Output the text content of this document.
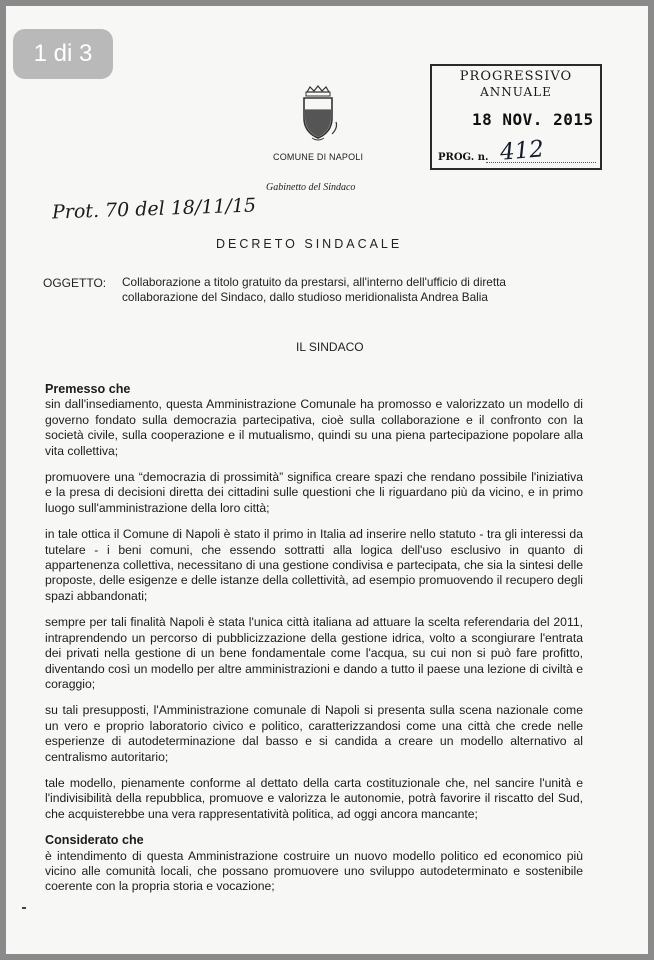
1 di 3
COMUNE DI NAPOLI
Gabinetto del Sindaco
PROGRESSIVO
ANNUALE
18 NOV. 2015
PROG. n. 412
Prot. 70 del 18/11/15
DECRETO SINDACALE
OGGETTO: Collaborazione a titolo gratuito da prestarsi, all'interno dell'ufficio di diretta collaborazione del Sindaco, dallo studioso meridionalista Andrea Balia
IL SINDACO
Premesso che

sin dall'insediamento, questa Amministrazione Comunale ha promosso e valorizzato un modello di governo fondato sulla democrazia partecipativa, cioè sulla collaborazione e il confronto con la società civile, sulla cooperazione e il mutualismo, quindi su una piena partecipazione popolare alla vita collettiva;

promuovere una “democrazia di prossimità” significa creare spazi che rendano possibile l'iniziativa e la presa di decisioni diretta dei cittadini sulle questioni che li riguardano più da vicino, e in primo luogo sull'amministrazione della loro città;

in tale ottica il Comune di Napoli è stato il primo in Italia ad inserire nello statuto - tra gli interessi da tutelare - i beni comuni, che essendo sottratti alla logica dell'uso esclusivo in quanto di appartenenza collettiva, necessitano di una gestione condivisa e partecipata, che sia la sintesi delle proposte, delle esigenze e delle istanze della collettività, ad esempio promuovendo il recupero degli spazi abbandonati;

sempre per tali finalità Napoli è stata l'unica città italiana ad attuare la scelta referendaria del 2011, intraprendendo un percorso di pubblicizzazione della gestione idrica, volto a scongiurare l'entrata dei privati nella gestione di un bene fondamentale come l'acqua, su cui non si può fare profitto, diventando così un modello per altre amministrazioni e dando a tutto il paese una lezione di civiltà e coraggio;

su tali presupposti, l'Amministrazione comunale di Napoli si presenta sulla scena nazionale come un vero e proprio laboratorio civico e politico, caratterizzandosi come una città che crede nelle esperienze di autodeterminazione dal basso e si candida a creare un modello alternativo al centralismo autoritario;

tale modello, pienamente conforme al dettato della carta costituzionale che, nel sancire l'unità e l'indivisibilità della repubblica, promuove e valorizza le autonomie, potrà favorire il riscatto del Sud, che acquisterebbe una vera rappresentatività politica, ad oggi ancora mancante;

Considerato che

è intendimento di questa Amministrazione costruire un nuovo modello politico ed economico più vicino alle comunità locali, che possano promuovere uno sviluppo autodeterminato e sostenibile coerente con la propria storia e vocazione;
